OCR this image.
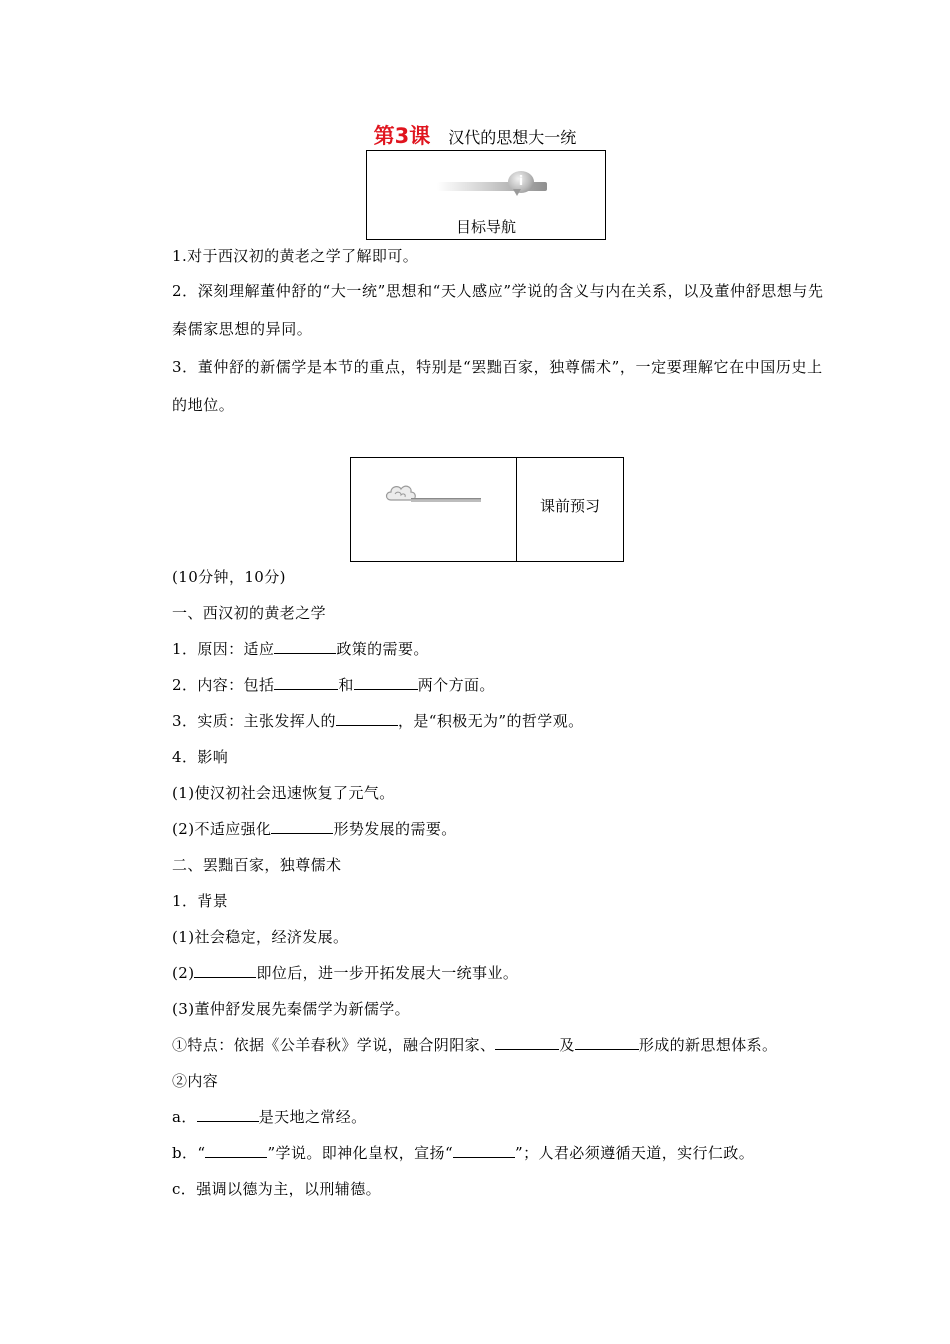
第3课 汉代的思想大一统
i
目标导航
1.对于西汉初的黄老之学了解即可。
2．深刻理解董仲舒的“大一统”思想和“天人感应”学说的含义与内在关系，以及董仲舒思想与先秦儒家思想的异同。
3．董仲舒的新儒学是本节的重点，特别是“罢黜百家，独尊儒术”，一定要理解它在中国历史上的地位。
课前预习
(10分钟，10分)
一、西汉初的黄老之学
1．原因：适应	政策的需要。
2．内容：包括	和	两个方面。
3．实质：主张发挥人的	，是“积极无为”的哲学观。
4．影响
(1)使汉初社会迅速恢复了元气。
(2)不适应强化	形势发展的需要。
二、罢黜百家，独尊儒术
1．背景
(1)社会稳定，经济发展。
(2)	即位后，进一步开拓发展大一统事业。
(3)董仲舒发展先秦儒学为新儒学。
①特点：依据《公羊春秋》学说，融合阴阳家、	及	形成的新思想体系。
②内容
a．	是天地之常经。
b．“	”学说。即神化皇权，宣扬“	”；人君必须遵循天道，实行仁政。
c．强调以德为主，以刑辅德。
